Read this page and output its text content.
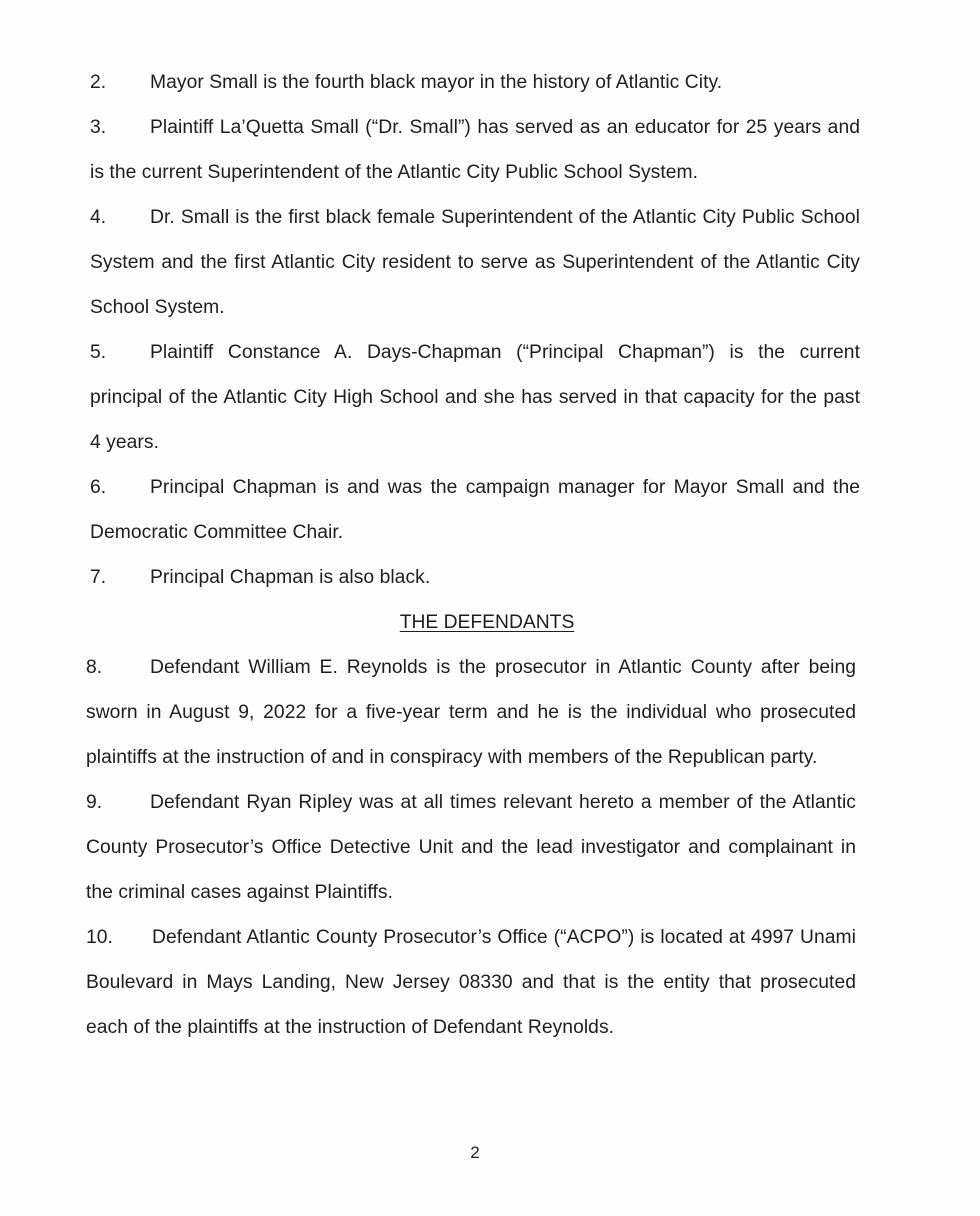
2. Mayor Small is the fourth black mayor in the history of Atlantic City.

3. Plaintiff La’Quetta Small (“Dr. Small”) has served as an educator for 25 years and is the current Superintendent of the Atlantic City Public School System.

4. Dr. Small is the first black female Superintendent of the Atlantic City Public School System and the first Atlantic City resident to serve as Superintendent of the Atlantic City School System.

5. Plaintiff Constance A. Days-Chapman (“Principal Chapman”) is the current principal of the Atlantic City High School and she has served in that capacity for the past 4 years.

6. Principal Chapman is and was the campaign manager for Mayor Small and the Democratic Committee Chair.

7. Principal Chapman is also black.

THE DEFENDANTS

8. Defendant William E. Reynolds is the prosecutor in Atlantic County after being sworn in August 9, 2022 for a five-year term and he is the individual who prosecuted plaintiffs at the instruction of and in conspiracy with members of the Republican party.

9. Defendant Ryan Ripley was at all times relevant hereto a member of the Atlantic County Prosecutor’s Office Detective Unit and the lead investigator and complainant in the criminal cases against Plaintiffs.

10. Defendant Atlantic County Prosecutor’s Office (“ACPO”) is located at 4997 Unami Boulevard in Mays Landing, New Jersey 08330 and that is the entity that prosecuted each of the plaintiffs at the instruction of Defendant Reynolds.

2
